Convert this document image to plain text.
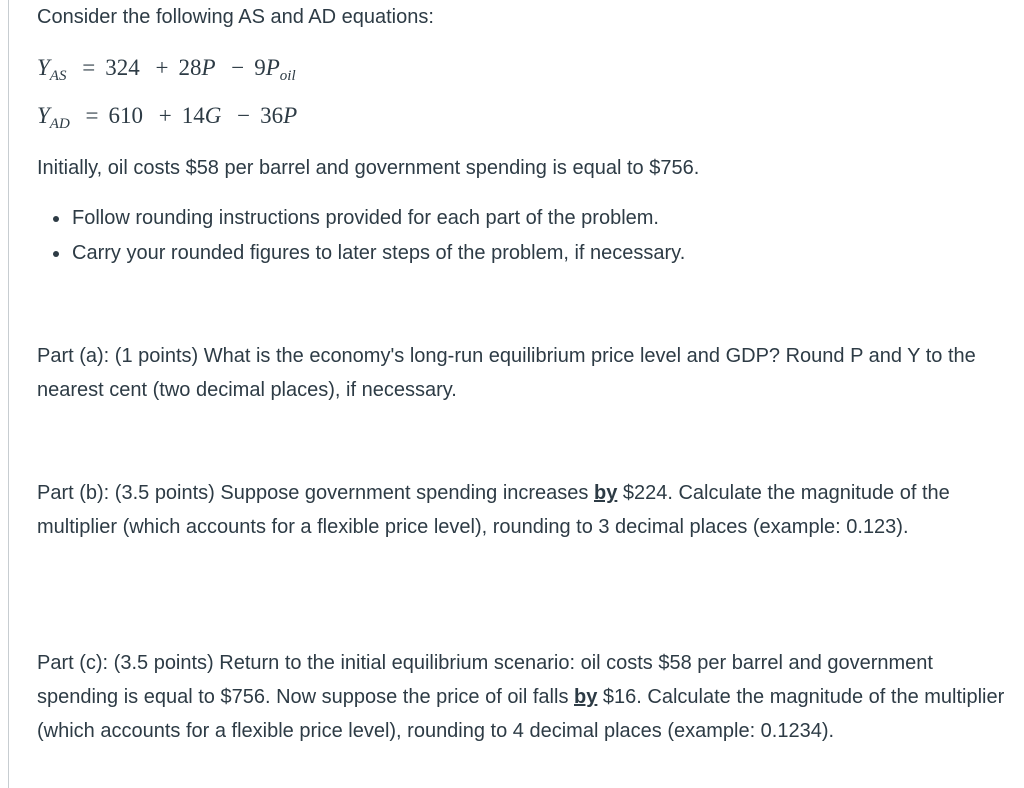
Consider the following AS and AD equations:

$Y_{AS} = 324 + 28P - 9P_{oil}$
$Y_{AD} = 610 + 14G - 36P$

Initially, oil costs $58 per barrel and government spending is equal to $756.

Follow rounding instructions provided for each part of the problem.
Carry your rounded figures to later steps of the problem, if necessary.

Part (a): (1 points) What is the economy's long-run equilibrium price level and GDP? Round P and Y to the nearest cent (two decimal places), if necessary.

Part (b): (3.5 points) Suppose government spending increases by $224. Calculate the magnitude of the multiplier (which accounts for a flexible price level), rounding to 3 decimal places (example: 0.123).

Part (c): (3.5 points) Return to the initial equilibrium scenario: oil costs $58 per barrel and government spending is equal to $756. Now suppose the price of oil falls by $16. Calculate the magnitude of the multiplier (which accounts for a flexible price level), rounding to 4 decimal places (example: 0.1234).
